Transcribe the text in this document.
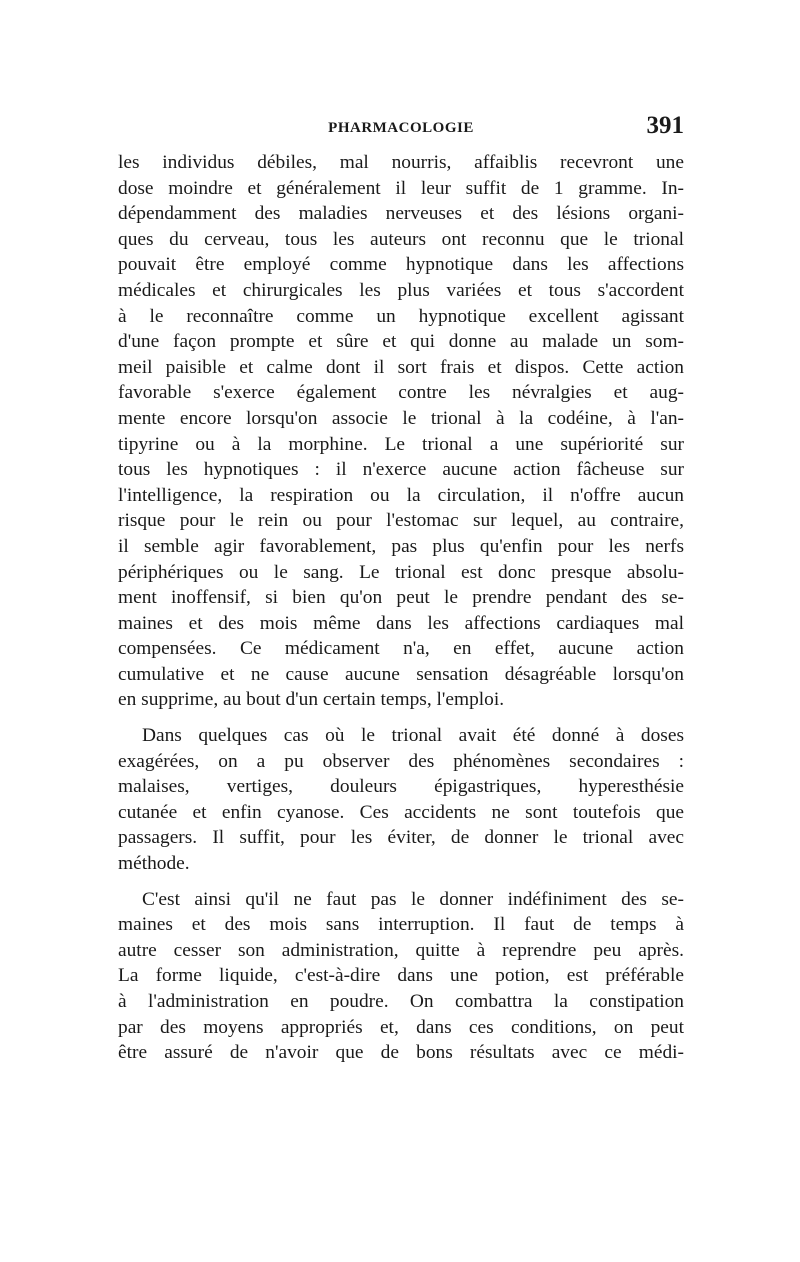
PHARMACOLOGIE	391

les individus débiles, mal nourris, affaiblis recevront une
dose moindre et généralement il leur suffit de 1 gramme. In-
dépendamment des maladies nerveuses et des lésions organi-
ques du cerveau, tous les auteurs ont reconnu que le trional
pouvait être employé comme hypnotique dans les affections
médicales et chirurgicales les plus variées et tous s'accordent
à le reconnaître comme un hypnotique excellent agissant
d'une façon prompte et sûre et qui donne au malade un som-
meil paisible et calme dont il sort frais et dispos. Cette action
favorable s'exerce également contre les névralgies et aug-
mente encore lorsqu'on associe le trional à la codéine, à l'an-
tipyrine ou à la morphine. Le trional a une supériorité sur
tous les hypnotiques : il n'exerce aucune action fâcheuse sur
l'intelligence, la respiration ou la circulation, il n'offre aucun
risque pour le rein ou pour l'estomac sur lequel, au contraire,
il semble agir favorablement, pas plus qu'enfin pour les nerfs
périphériques ou le sang. Le trional est donc presque absolu-
ment inoffensif, si bien qu'on peut le prendre pendant des se-
maines et des mois même dans les affections cardiaques mal
compensées. Ce médicament n'a, en effet, aucune action
cumulative et ne cause aucune sensation désagréable lorsqu'on
en supprime, au bout d'un certain temps, l'emploi.

Dans quelques cas où le trional avait été donné à doses
exagérées, on a pu observer des phénomènes secondaires :
malaises, vertiges, douleurs épigastriques, hyperesthésie
cutanée et enfin cyanose. Ces accidents ne sont toutefois que
passagers. Il suffit, pour les éviter, de donner le trional avec
méthode.

C'est ainsi qu'il ne faut pas le donner indéfiniment des se-
maines et des mois sans interruption. Il faut de temps à
autre cesser son administration, quitte à reprendre peu après.
La forme liquide, c'est-à-dire dans une potion, est préférable
à l'administration en poudre. On combattra la constipation
par des moyens appropriés et, dans ces conditions, on peut
être assuré de n'avoir que de bons résultats avec ce médi-
